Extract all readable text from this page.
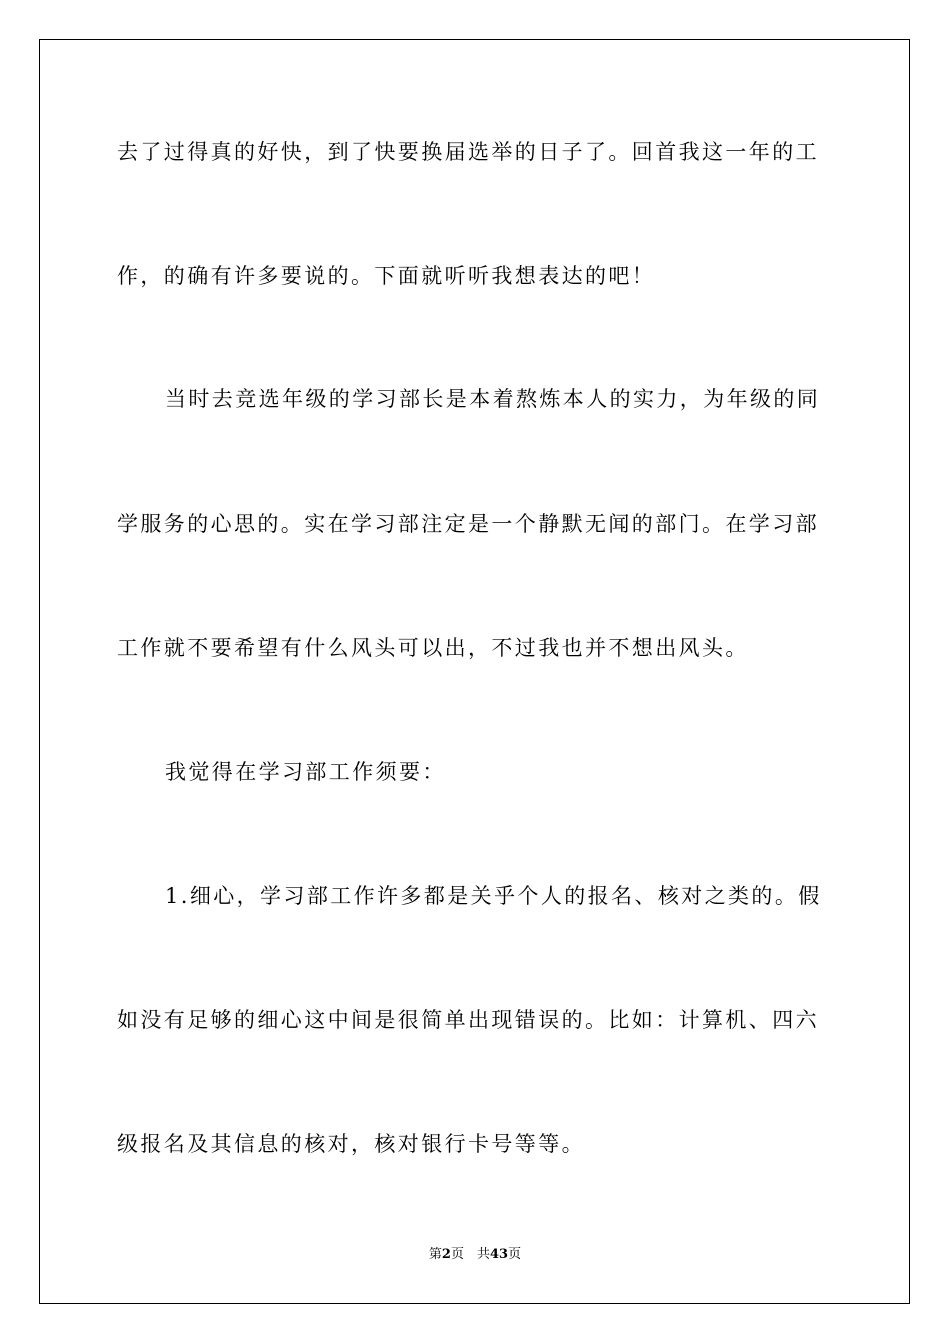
去了过得真的好快，到了快要换届选举的日子了。回首我这一年的工
作，的确有许多要说的。下面就听听我想表达的吧！
当时去竞选年级的学习部长是本着熬炼本人的实力，为年级的同
学服务的心思的。实在学习部注定是一个静默无闻的部门。在学习部
工作就不要希望有什么风头可以出，不过我也并不想出风头。
我觉得在学习部工作须要：
1.细心，学习部工作许多都是关乎个人的报名、核对之类的。假
如没有足够的细心这中间是很简单出现错误的。比如：计算机、四六
级报名及其信息的核对，核对银行卡号等等。
第2页　共43页
